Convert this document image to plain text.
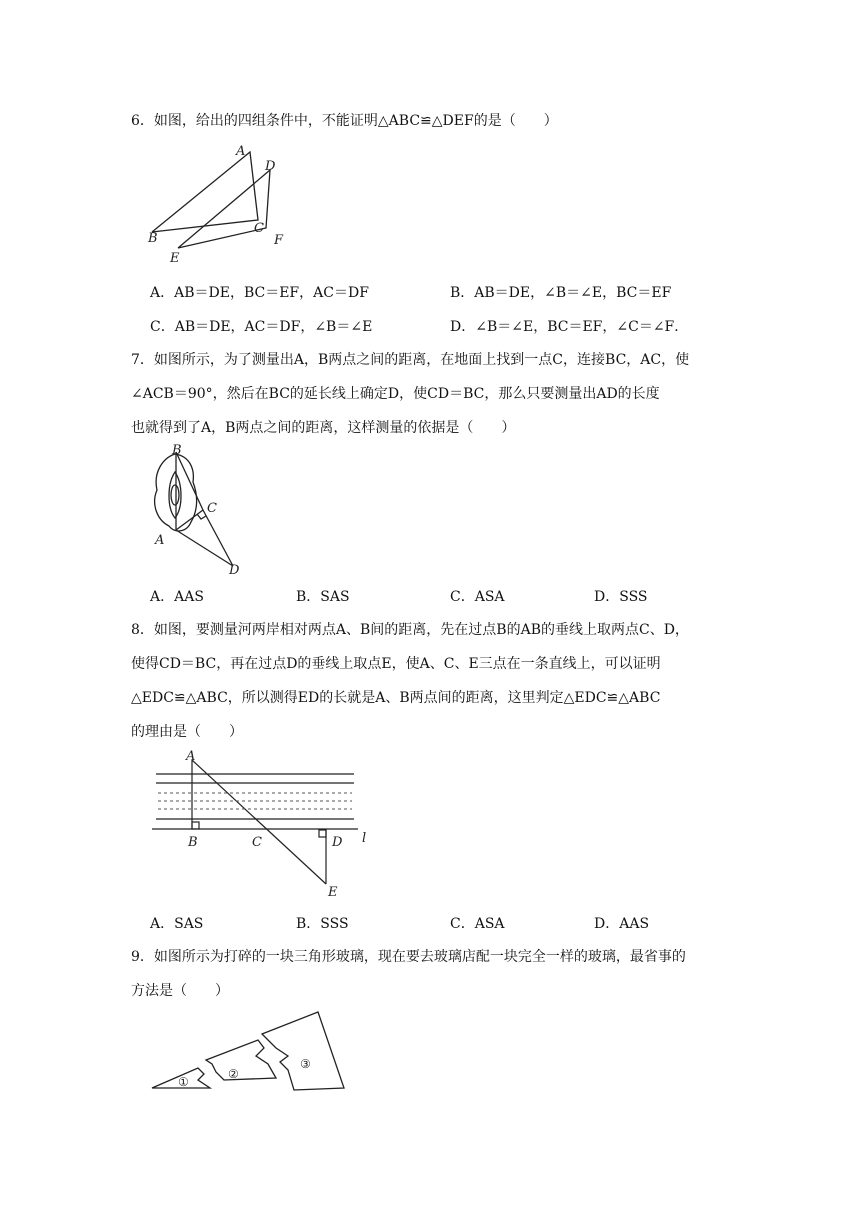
6．如图，给出的四组条件中，不能证明△ABC≌△DEF的是（　　）
A
B
C
D
E
F
A．AB＝DE，BC＝EF，AC＝DF	B．AB＝DE，∠B＝∠E，BC＝EF
C．AB＝DE，AC＝DF，∠B＝∠E	D．∠B＝∠E，BC＝EF，∠C＝∠F．
7．如图所示，为了测量出A，B两点之间的距离，在地面上找到一点C，连接BC，AC，使
∠ACB＝90°，然后在BC的延长线上确定D，使CD＝BC，那么只要测量出AD的长度
也就得到了A，B两点之间的距离，这样测量的依据是（　　）
B
C
A
D
A．AAS	B．SAS	C．ASA	D．SSS
8．如图，要测量河两岸相对两点A、B间的距离，先在过点B的AB的垂线上取两点C、D，
使得CD＝BC，再在过点D的垂线上取点E，使A、C、E三点在一条直线上，可以证明
△EDC≌△ABC，所以测得ED的长就是A、B两点间的距离，这里判定△EDC≌△ABC
的理由是（　　）
A
B	C	D l
E
A．SAS	B．SSS	C．ASA	D．AAS
9．如图所示为打碎的一块三角形玻璃，现在要去玻璃店配一块完全一样的玻璃，最省事的
方法是（　　）
①
②
③
